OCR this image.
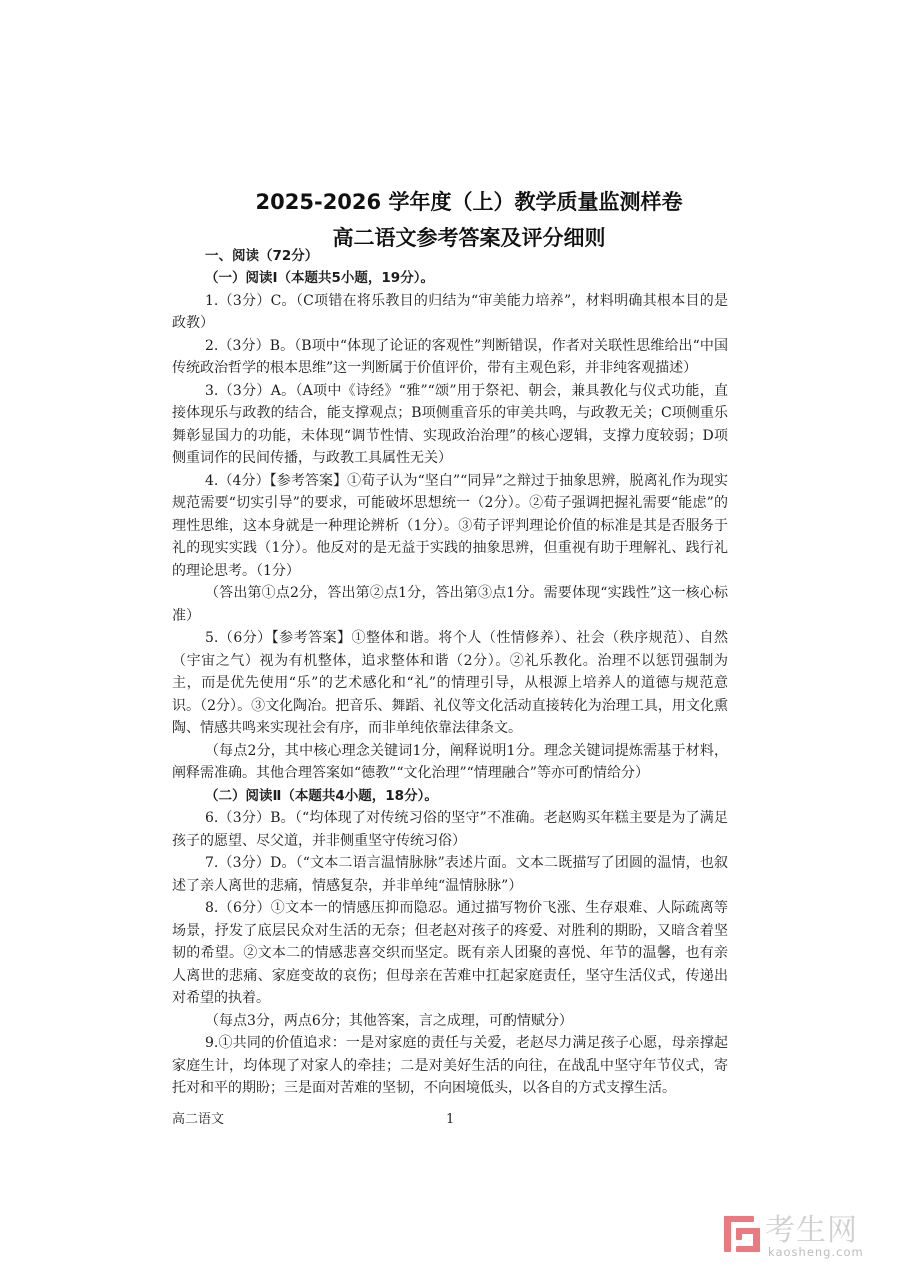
2025-2026 学年度（上）教学质量监测样卷
高二语文参考答案及评分细则

一、阅读（72分）

（一）阅读Ⅰ（本题共5小题，19分）。

1.（3分）C。（C项错在将乐教目的归结为“审美能力培养”，材料明确其根本目的是政教）

2.（3分）B。（B项中“体现了论证的客观性”判断错误，作者对关联性思维给出“中国传统政治哲学的根本思维”这一判断属于价值评价，带有主观色彩，并非纯客观描述）

3.（3分）A。（A项中《诗经》“雅”“颂”用于祭祀、朝会，兼具教化与仪式功能，直接体现乐与政教的结合，能支撑观点；B项侧重音乐的审美共鸣，与政教无关；C项侧重乐舞彰显国力的功能，未体现“调节性情、实现政治治理”的核心逻辑，支撑力度较弱；D项侧重词作的民间传播，与政教工具属性无关）

4.（4分）【参考答案】①荀子认为“坚白”“同异”之辩过于抽象思辨，脱离礼作为现实规范需要“切实引导”的要求，可能破坏思想统一（2分）。②荀子强调把握礼需要“能虑”的理性思维，这本身就是一种理论辨析（1分）。③荀子评判理论价值的标准是其是否服务于礼的现实实践（1分）。他反对的是无益于实践的抽象思辨，但重视有助于理解礼、践行礼的理论思考。（1分）

（答出第①点2分，答出第②点1分，答出第③点1分。需要体现“实践性”这一核心标准）

5.（6分）【参考答案】①整体和谐。将个人（性情修养）、社会（秩序规范）、自然（宇宙之气）视为有机整体，追求整体和谐（2分）。②礼乐教化。治理不以惩罚强制为主，而是优先使用“乐”的艺术感化和“礼”的情理引导，从根源上培养人的道德与规范意识。（2分）。③文化陶冶。把音乐、舞蹈、礼仪等文化活动直接转化为治理工具，用文化熏陶、情感共鸣来实现社会有序，而非单纯依靠法律条文。

（每点2分，其中核心理念关键词1分，阐释说明1分。理念关键词提炼需基于材料，阐释需准确。其他合理答案如“德教”“文化治理”“情理融合”等亦可酌情给分）

（二）阅读Ⅱ（本题共4小题，18分）。

6.（3分）B。（“均体现了对传统习俗的坚守”不准确。老赵购买年糕主要是为了满足孩子的愿望、尽父道，并非侧重坚守传统习俗）

7.（3分）D。（“文本二语言温情脉脉”表述片面。文本二既描写了团圆的温情，也叙述了亲人离世的悲痛，情感复杂，并非单纯“温情脉脉”）

8.（6分）①文本一的情感压抑而隐忍。通过描写物价飞涨、生存艰难、人际疏离等场景，抒发了底层民众对生活的无奈；但老赵对孩子的疼爱、对胜利的期盼，又暗含着坚韧的希望。②文本二的情感悲喜交织而坚定。既有亲人团聚的喜悦、年节的温馨，也有亲人离世的悲痛、家庭变故的哀伤；但母亲在苦难中扛起家庭责任，坚守生活仪式，传递出对希望的执着。

（每点3分，两点6分；其他答案，言之成理，可酌情赋分）

9.①共同的价值追求：一是对家庭的责任与关爱，老赵尽力满足孩子心愿，母亲撑起家庭生计，均体现了对家人的牵挂；二是对美好生活的向往，在战乱中坚守年节仪式，寄托对和平的期盼；三是面对苦难的坚韧，不向困境低头，以各自的方式支撑生活。

高二语文	1
考生网
kaosheng.com
